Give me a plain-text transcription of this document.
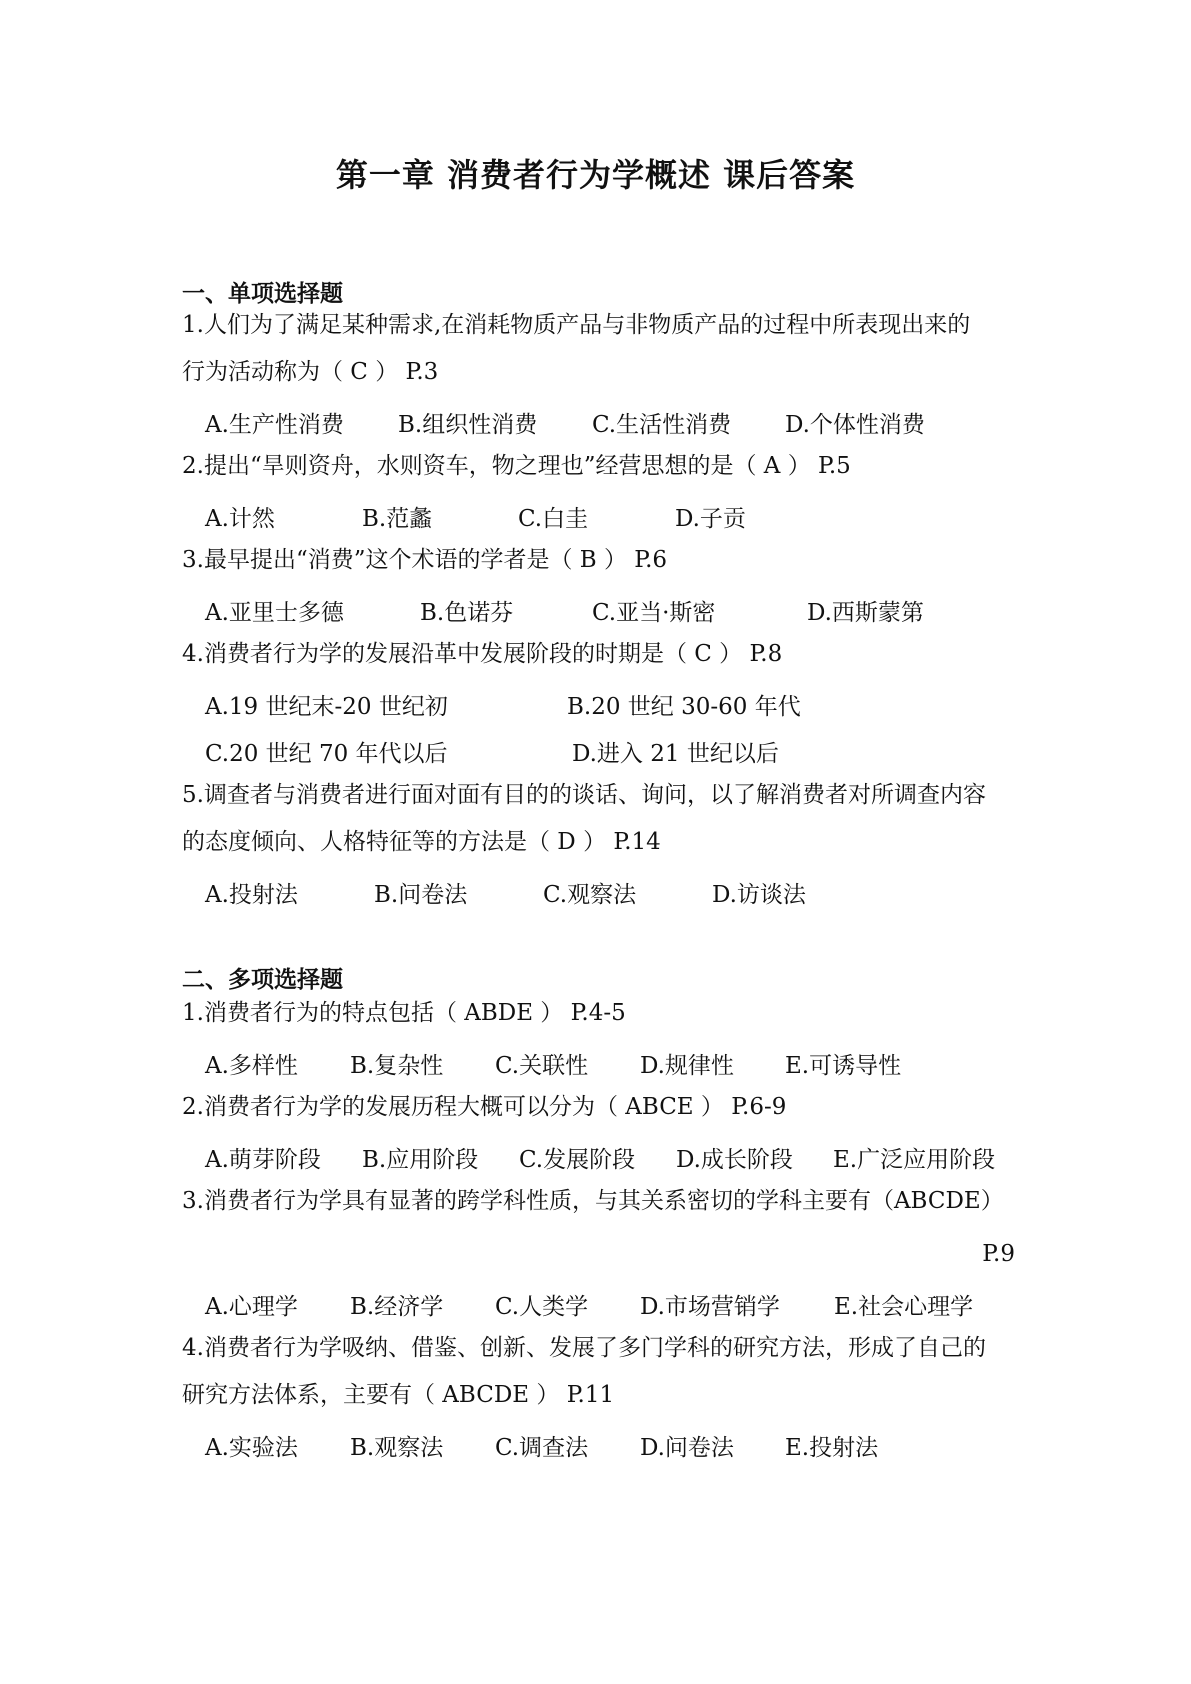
第一章 消费者行为学概述 课后答案
一、单项选择题
1.人们为了满足某种需求,在消耗物质产品与非物质产品的过程中所表现出来的
行为活动称为（ C ） P.3
A.生产性消费 B.组织性消费 C.生活性消费 D.个体性消费
2.提出“旱则资舟，水则资车，物之理也”经营思想的是（ A ） P.5
A.计然	B.范蠡	C.白圭	D.子贡
3.最早提出“消费”这个术语的学者是（ B ） P.6
A.亚里士多德	B.色诺芬	C.亚当·斯密	D.西斯蒙第
4.消费者行为学的发展沿革中发展阶段的时期是（ C ） P.8
A.19 世纪末-20 世纪初	B.20 世纪 30-60 年代
C.20 世纪 70 年代以后	D.进入 21 世纪以后
5.调查者与消费者进行面对面有目的的谈话、询问，以了解消费者对所调查内容
的态度倾向、人格特征等的方法是（ D ） P.14
A.投射法	B.问卷法	C.观察法	D.访谈法
二、多项选择题
1.消费者行为的特点包括（ ABDE ） P.4-5
A.多样性 B.复杂性 C.关联性 D.规律性 E.可诱导性
2.消费者行为学的发展历程大概可以分为（ ABCE ） P.6-9
A.萌芽阶段 B.应用阶段 C.发展阶段 D.成长阶段 E.广泛应用阶段
3.消费者行为学具有显著的跨学科性质，与其关系密切的学科主要有（ABCDE）
P.9
A.心理学 B.经济学 C.人类学 D.市场营销学 E.社会心理学
4.消费者行为学吸纳、借鉴、创新、发展了多门学科的研究方法，形成了自己的
研究方法体系，主要有（ ABCDE ） P.11
A.实验法 B.观察法 C.调查法 D.问卷法 E.投射法
